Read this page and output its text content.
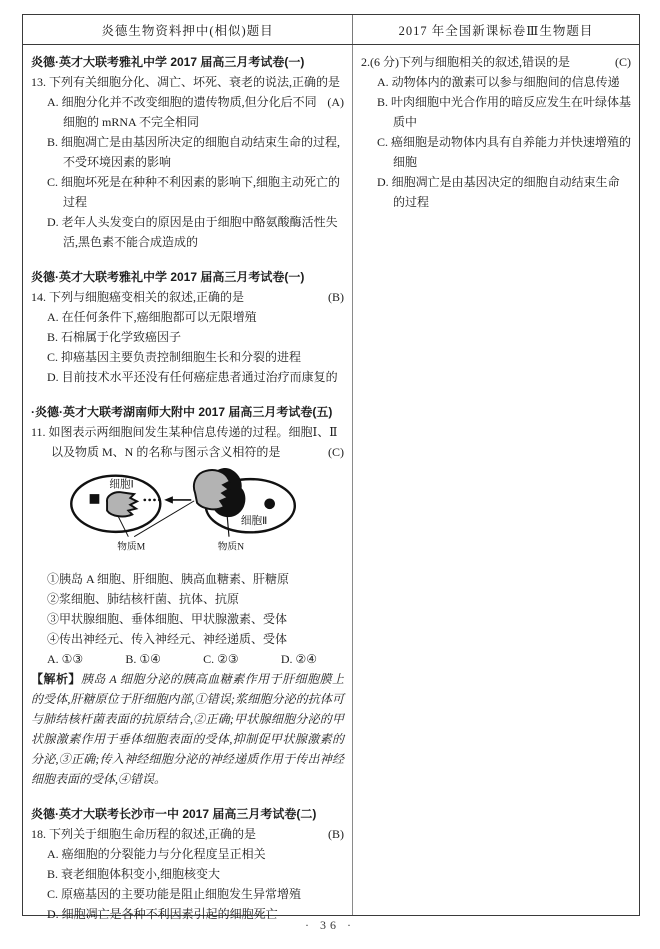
炎德生物资料押中(相似)题目	2017 年全国新课标卷Ⅲ生物题目
炎德·英才大联考雅礼中学 2017 届高三月考试卷(一)
13. 下列有关细胞分化、凋亡、坏死、衰老的说法,正确的是
(A)
A. 细胞分化并不改变细胞的遗传物质,但分化后不同细胞的 mRNA 不完全相同
B. 细胞凋亡是由基因所决定的细胞自动结束生命的过程,不受环境因素的影响
C. 细胞坏死是在种种不利因素的影响下,细胞主动死亡的过程
D. 老年人头发变白的原因是由于细胞中酪氨酸酶活性失活,黑色素不能合成造成的
炎德·英才大联考雅礼中学 2017 届高三月考试卷(一)
14. 下列与细胞癌变相关的叙述,正确的是	(B)
A. 在任何条件下,癌细胞都可以无限增殖
B. 石棉属于化学致癌因子
C. 抑癌基因主要负责控制细胞生长和分裂的进程
D. 目前技术水平还没有任何癌症患者通过治疗而康复的
·炎德·英才大联考湖南师大附中 2017 届高三月考试卷(五)
11. 如图表示两细胞间发生某种信息传递的过程。细胞Ⅰ、Ⅱ以及物质 M、N 的名称与图示含义相符的是	(C)
细胞Ⅰ
细胞Ⅱ
物质M	物质N
①胰岛 A 细胞、肝细胞、胰高血糖素、肝糖原
②浆细胞、肺结核杆菌、抗体、抗原
③甲状腺细胞、垂体细胞、甲状腺激素、受体
④传出神经元、传入神经元、神经递质、受体
A. ①③	B. ①④	C. ②③	D. ②④
【解析】胰岛 A 细胞分泌的胰高血糖素作用于肝细胞膜上的受体,肝糖原位于肝细胞内部,①错误;浆细胞分泌的抗体可与肺结核杆菌表面的抗原结合,②正确;甲状腺细胞分泌的甲状腺激素作用于垂体细胞表面的受体,抑制促甲状腺激素的分泌,③正确;传入神经细胞分泌的神经递质作用于传出神经细胞表面的受体,④错误。
炎德·英才大联考长沙市一中 2017 届高三月考试卷(二)
18. 下列关于细胞生命历程的叙述,正确的是	(B)
A. 癌细胞的分裂能力与分化程度呈正相关
B. 衰老细胞体积变小,细胞核变大
C. 原癌基因的主要功能是阻止细胞发生异常增殖
D. 细胞凋亡是各种不利因素引起的细胞死亡
2.(6 分)下列与细胞相关的叙述,错误的是	(C)
A. 动物体内的激素可以参与细胞间的信息传递
B. 叶肉细胞中光合作用的暗反应发生在叶绿体基质中
C. 癌细胞是动物体内具有自养能力并快速增殖的细胞
D. 细胞凋亡是由基因决定的细胞自动结束生命的过程
· 36 ·
